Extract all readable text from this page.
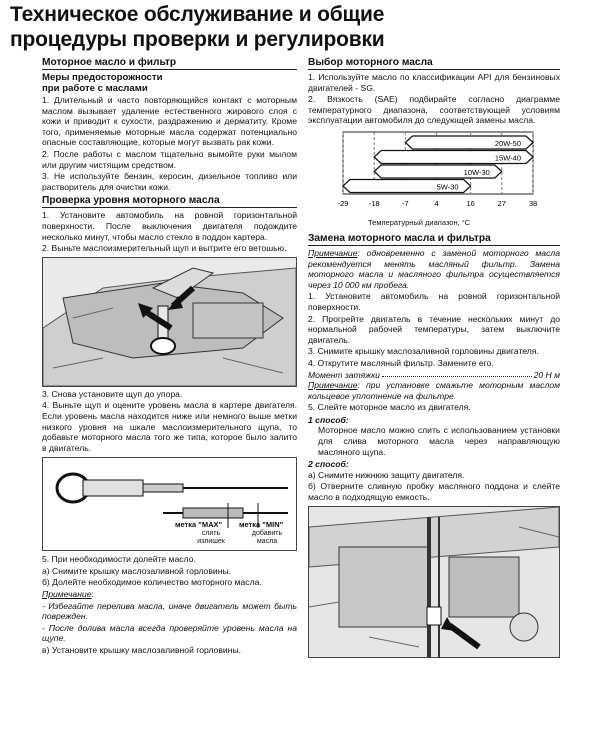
Техническое обслуживание и общие
процедуры проверки и регулировки
Моторное масло и фильтр
Меры предосторожности
при работе с маслами

1. Длительный и часто повторяющийся контакт с моторным маслом вызывает удаление естественного жирового слоя с кожи и приводит к сухости, раздражению и дерматиту. Кроме того, применяемые моторные масла содержат потенциально опасные составляющие, которые могут вызвать рак кожи.

2. После работы с маслом тщательно вымойте руки мылом или другим чистящим средством.

3. Не используйте бензин, керосин, дизельное топливо или растворитель для очистки кожи.

Проверка уровня моторного масла

1. Установите автомобиль на ровной горизонтальной поверхности. После выключения двигателя подождите несколько минут, чтобы масло стекло в поддон картера.

2. Выньте маслоизмерительный щуп и вытрите его ветошью.

3. Снова установите щуп до упора.

4. Выньте щуп и оцените уровень масла в картере двигателя. Если уровень масла находится ниже или немного выше метки низкого уровня на шкале маслоизмерительного щупа, то добавьте моторного масла того же типа, которое было залито в двигатель.

метка "MAX" метка "MIN"
слить излишек
добавить масла

5. При необходимости долейте масло.

а) Снимите крышку маслозаливной горловины.

б) Долейте необходимое количество моторного масла.

Примечание:

- Избегайте перелива масла, иначе двигатель может быть поврежден.

- После долива масла всегда проверяйте уровень масла на щупе.

в) Установите крышку маслозаливной горловины.

Выбор моторного масла

1. Используйте масло по классификации API для бензиновых двигателей - SG.

2. Вязкость (SAE) подбирайте согласно диаграмме температурного диапазона, соответствующей условиям эксплуатации автомобиля до следующей замены масла.

-29	-18	-7	4	16	27	38
20W-50
15W-40
10W-30
5W-30
Температурный диапазон, °С
Замена моторного масла и фильтра

Примечание: одновременно с заменой моторного масла рекомендуется менять масляный фильтр. Замена моторного масла и масляного фильтра осуществляется через 10 000 км пробега.

1. Установите автомобиль на ровной горизонтальной поверхности.

2. Прогрейте двигатель в течение нескольких минут до нормальной рабочей температуры, затем выключите двигатель.

3. Снимите крышку маслозаливной горловины двигателя.

4. Открутите масляный фильтр. Замените его.

Момент затяжки	20 Н м

Примечание: при установке смажьте моторным маслом кольцевое уплотнение на фильтре.

5. Слейте моторное масло из двигателя.

1 способ:

Моторное масло можно слить с использованием установки для слива моторного масла через направляющую масляного щупа.

2 способ:

а) Снимите нижнюю защиту двигателя.

б) Отверните сливную пробку масляного поддона и слейте масло в подходящую емкость.
